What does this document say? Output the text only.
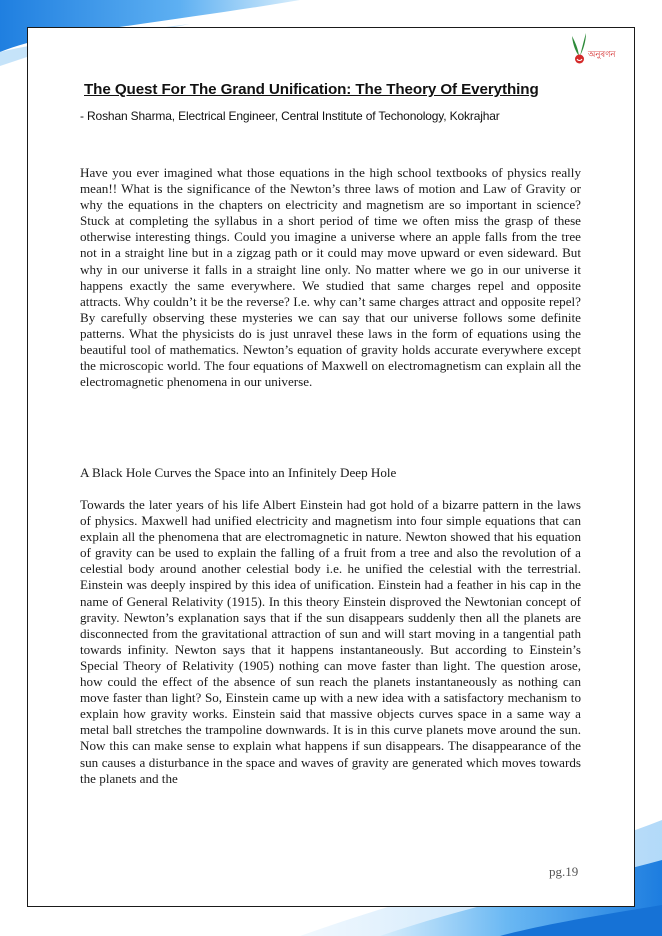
অনুৰণন
The Quest For The Grand Unification: The Theory Of Everything
- Roshan Sharma, Electrical Engineer, Central Institute of Techonology, Kokrajhar

Have you ever imagined what those equations in the high school textbooks of physics really mean!! What is the significance of the Newton’s three laws of motion and Law of Gravity or why the equations in the chapters on electricity and magnetism are so important in science? Stuck at completing the syllabus in a short period of time we often miss the grasp of these otherwise interesting things. Could you imagine a universe where an apple falls from the tree not in a straight line but in a zigzag path or it could may move upward or even sideward. But why in our universe it falls in a straight line only. No matter where we go in our universe it happens exactly the same everywhere. We studied that same charges repel and opposite attracts. Why couldn’t it be the reverse? I.e. why can’t same charges attract and opposite repel? By carefully observing these mysteries we can say that our universe follows some definite patterns. What the physicists do is just unravel these laws in the form of equations using the beautiful tool of mathematics. Newton’s equation of gravity holds accurate everywhere except the microscopic world. The four equations of Maxwell on electromagnetism can explain all the electromagnetic phenomena in our universe.

A Black Hole Curves the Space into an Infinitely Deep Hole

Towards the later years of his life Albert Einstein had got hold of a bizarre pattern in the laws of physics. Maxwell had unified electricity and magnetism into four simple equations that can explain all the phenomena that are electromagnetic in nature. Newton showed that his equation of gravity can be used to explain the falling of a fruit from a tree and also the revolution of a celestial body around another celestial body i.e. he unified the celestial with the terrestrial. Einstein was deeply inspired by this idea of unification. Einstein had a feather in his cap in the name of General Relativity (1915). In this theory Einstein disproved the Newtonian concept of gravity. Newton’s explanation says that if the sun disappears suddenly then all the planets are disconnected from the gravitational attraction of sun and will start moving in a tangential path towards infinity. Newton says that it happens instantaneously. But according to Einstein’s Special Theory of Relativity (1905) nothing can move faster than light. The question arose, how could the effect of the absence of sun reach the planets instantaneously as nothing can move faster than light? So, Einstein came up with a new idea with a satisfactory mechanism to explain how gravity works. Einstein said that massive objects curves space in a same way a metal ball stretches the trampoline downwards. It is in this curve planets move around the sun. Now this can make sense to explain what happens if sun disappears. The disappearance of the sun causes a disturbance in the space and waves of gravity are generated which moves towards the planets and the

pg.19
